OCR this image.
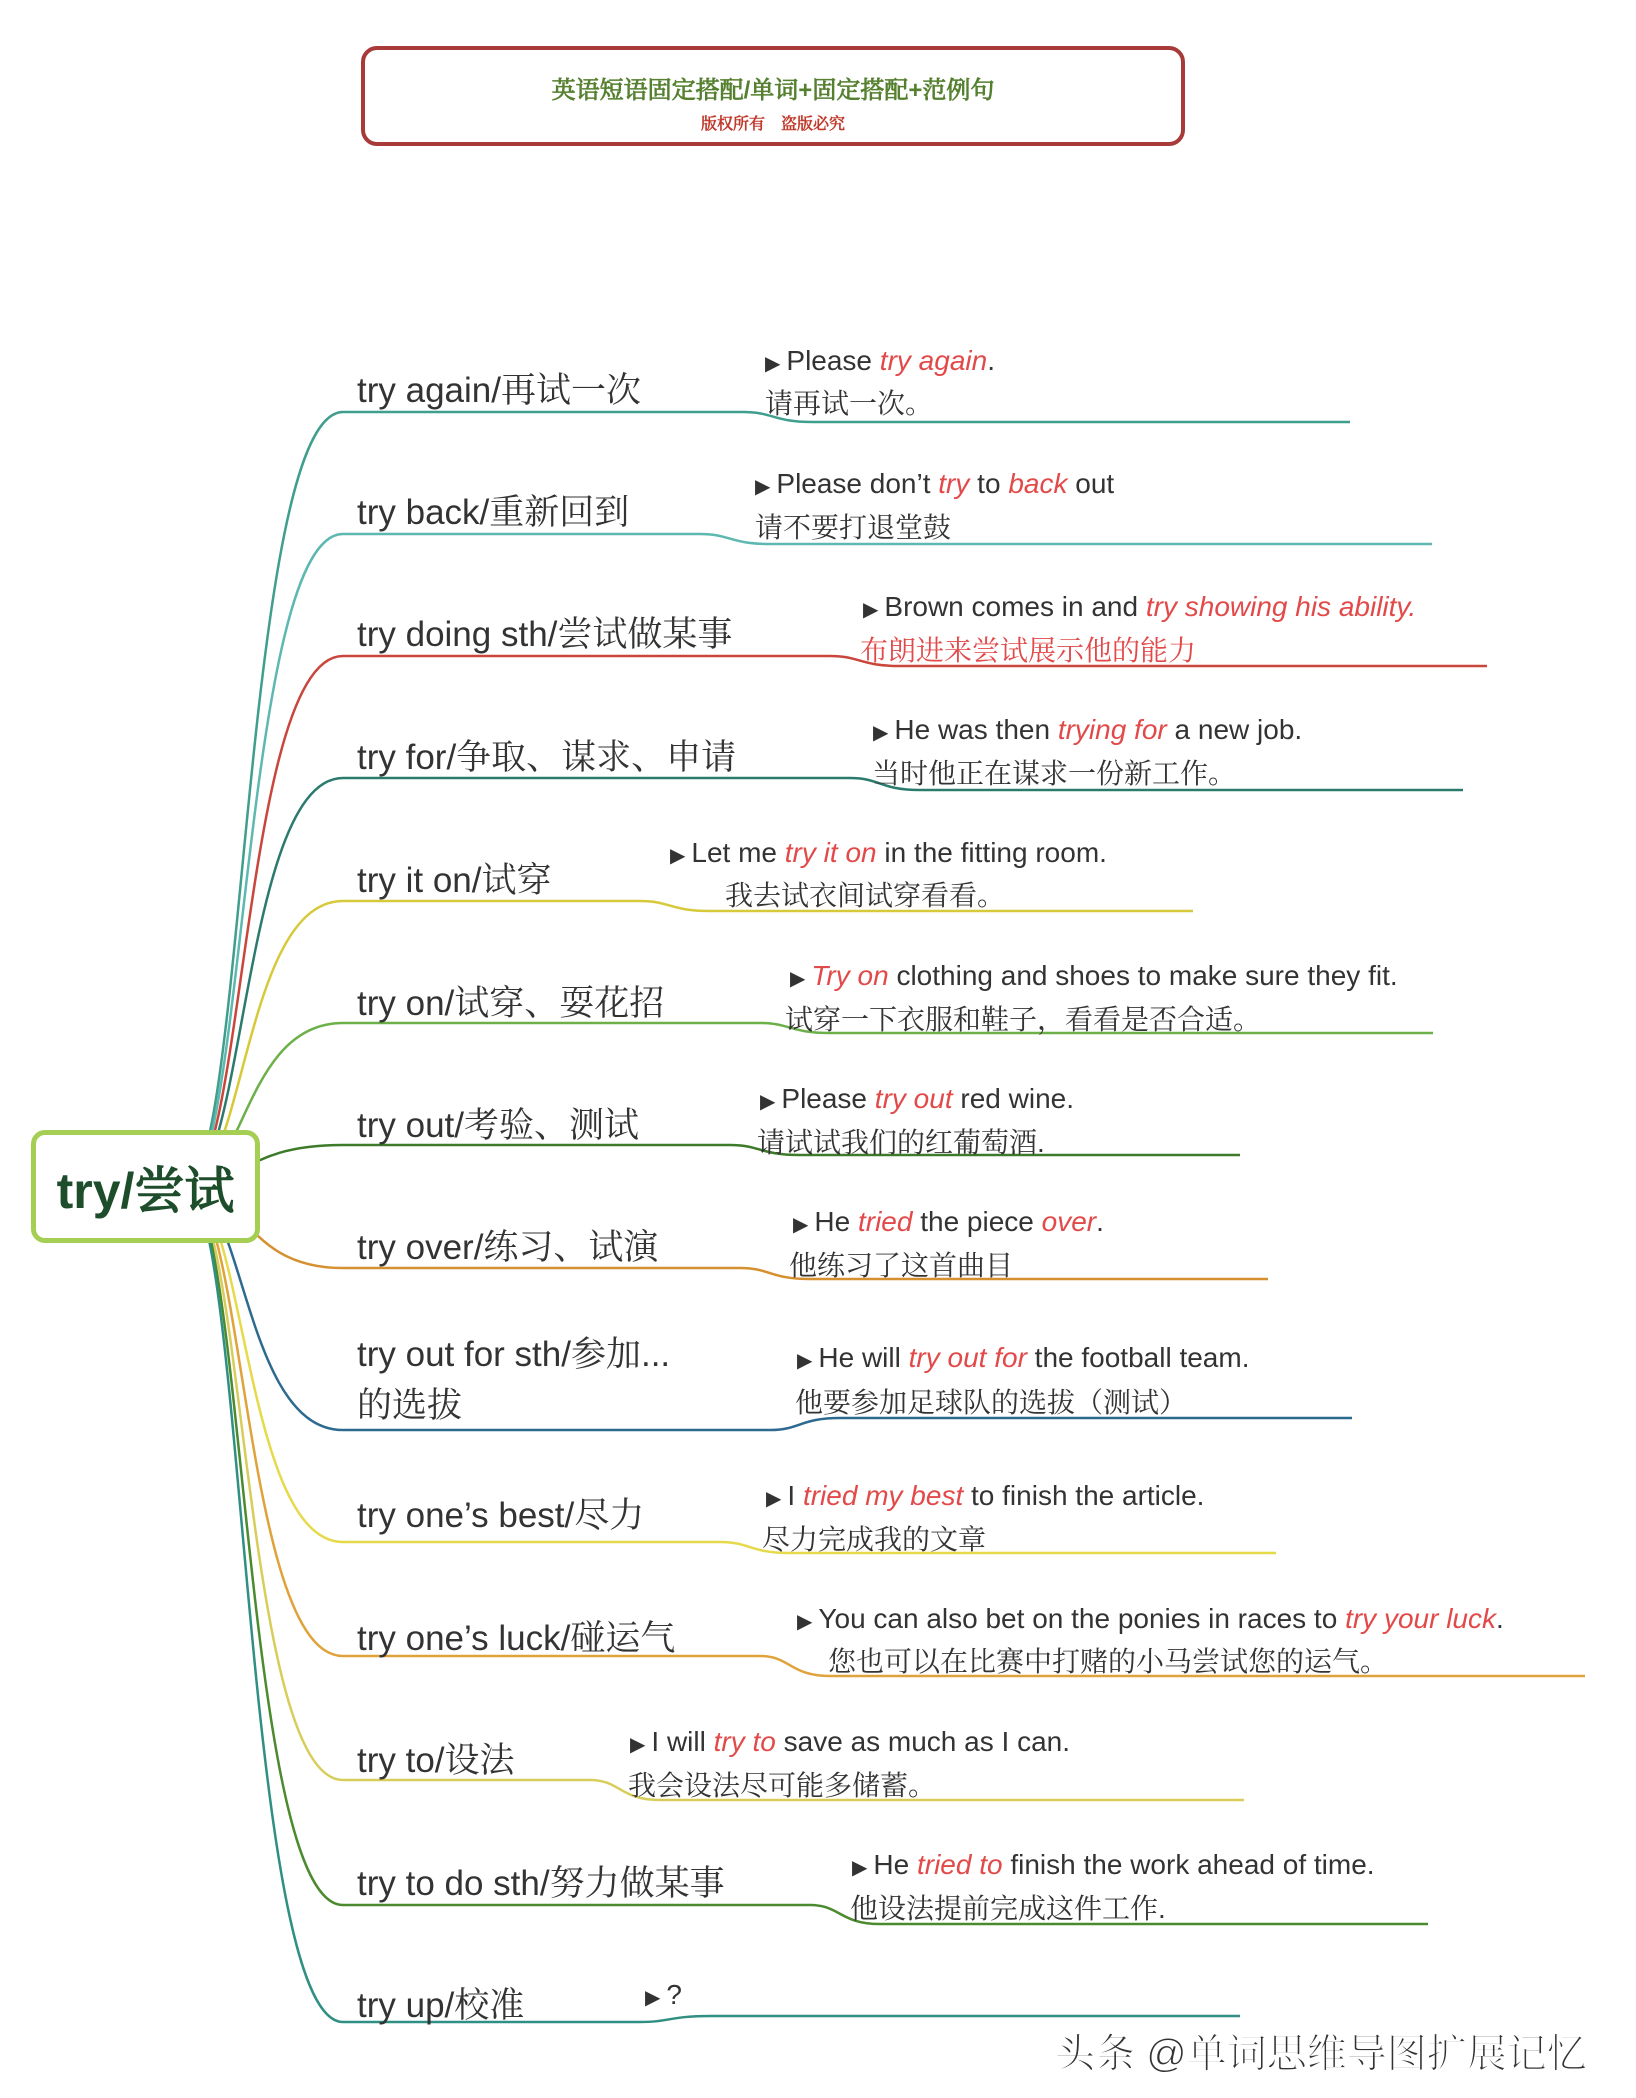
英语短语固定搭配/单词+固定搭配+范例句
版权所有　盗版必究
try/尝试
try again/再试一次
▶ Please try again.
请再试一次。
try back/重新回到
▶ Please don’t try to back out
请不要打退堂鼓
try doing sth/尝试做某事
▶ Brown comes in and try showing his ability.
布朗进来尝试展示他的能力
try for/争取、谋求、申请
▶ He was then trying for a new job.
当时他正在谋求一份新工作。
try it on/试穿
▶ Let me try it on in the fitting room.
我去试衣间试穿看看。
try on/试穿、耍花招
▶ Try on clothing and shoes to make sure they fit.
试穿一下衣服和鞋子，看看是否合适。
try out/考验、测试
▶ Please try out red wine.
请试试我们的红葡萄酒.
try over/练习、试演
▶ He tried the piece over.
他练习了这首曲目
try out for sth/参加...的选拔
▶ He will try out for the football team.
他要参加足球队的选拔（测试）
try one’s best/尽力	▶ I tried my best to finish the article.
尽力完成我的文章
try one’s luck/碰运气	▶ You can also bet on the ponies in races to try your luck.
您也可以在比赛中打赌的小马尝试您的运气。
try to/设法	▶ I will try to save as much as I can.
我会设法尽可能多储蓄。
try to do sth/努力做某事	▶ He tried to finish the work ahead of time.
他设法提前完成这件工作.
try up/校准	▶ ?
头条 @单词思维导图扩展记忆
